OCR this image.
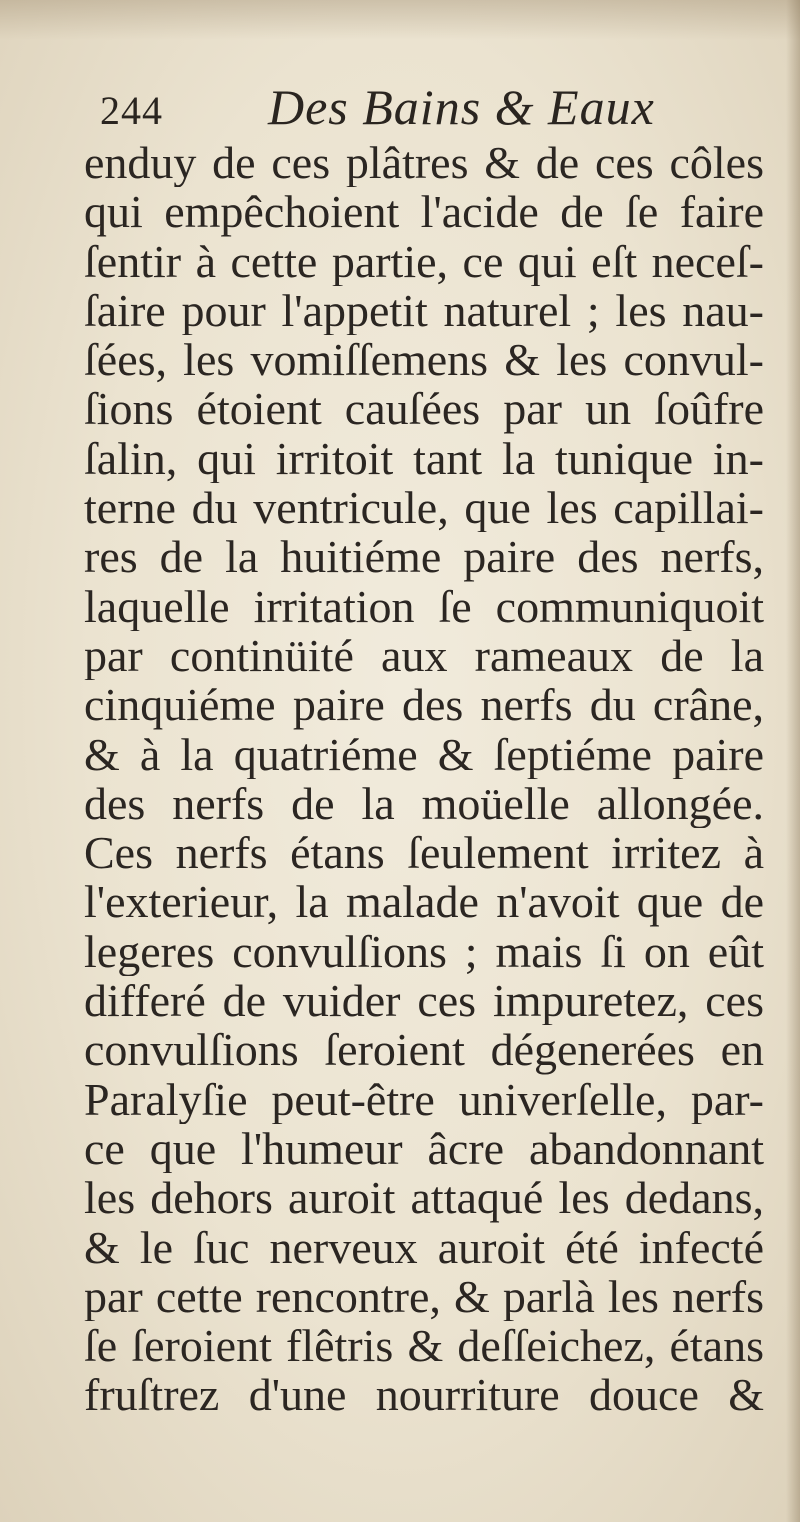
244 Des Bains & Eaux
enduy de ces plâtres & de ces côles
qui empêchoient l'acide de ſe faire
ſentir à cette partie, ce qui eſt neceſ-
ſaire pour l'appetit naturel ; les nau-
ſées, les vomiſſemens & les convul-
ſions étoient cauſées par un ſoûfre
ſalin, qui irritoit tant la tunique in-
terne du ventricule, que les capillai-
res de la huitiéme paire des nerfs,
laquelle irritation ſe communiquoit
par continüité aux rameaux de la
cinquiéme paire des nerfs du crâne,
& à la quatriéme & ſeptiéme paire
des nerfs de la moüelle allongée.
Ces nerfs étans ſeulement irritez à
l'exterieur, la malade n'avoit que de
legeres convulſions ; mais ſi on eût
differé de vuider ces impuretez, ces
convulſions ſeroient dégenerées en
Paralyſie peut-être univerſelle, par-
ce que l'humeur âcre abandonnant
les dehors auroit attaqué les dedans,
& le ſuc nerveux auroit été infecté
par cette rencontre, & parlà les nerfs
ſe ſeroient flêtris & deſſeichez, étans
fruſtrez d'une nourriture douce &
